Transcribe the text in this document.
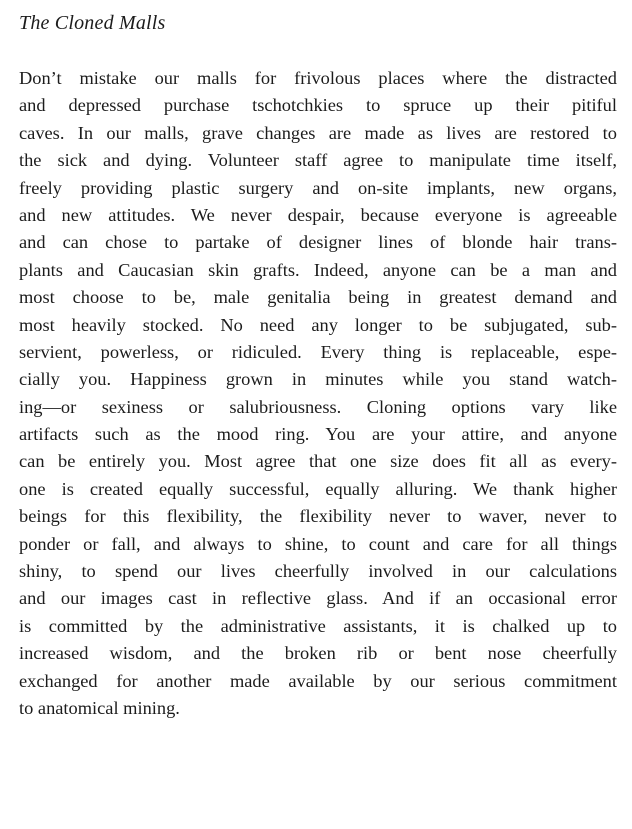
The Cloned Malls
Don’t mistake our malls for frivolous places where the distracted
and depressed purchase tschotchkies to spruce up their pitiful
caves. In our malls, grave changes are made as lives are restored to
the sick and dying. Volunteer staff agree to manipulate time itself,
freely providing plastic surgery and on-site implants, new organs,
and new attitudes. We never despair, because everyone is agreeable
and can chose to partake of designer lines of blonde hair trans-
plants and Caucasian skin grafts. Indeed, anyone can be a man and
most choose to be, male genitalia being in greatest demand and
most heavily stocked. No need any longer to be subjugated, sub-
servient, powerless, or ridiculed. Every thing is replaceable, espe-
cially you. Happiness grown in minutes while you stand watch-
ing—or sexiness or salubriousness. Cloning options vary like
artifacts such as the mood ring. You are your attire, and anyone
can be entirely you. Most agree that one size does fit all as every-
one is created equally successful, equally alluring. We thank higher
beings for this flexibility, the flexibility never to waver, never to
ponder or fall, and always to shine, to count and care for all things
shiny, to spend our lives cheerfully involved in our calculations
and our images cast in reflective glass. And if an occasional error
is committed by the administrative assistants, it is chalked up to
increased wisdom, and the broken rib or bent nose cheerfully
exchanged for another made available by our serious commitment
to anatomical mining.
